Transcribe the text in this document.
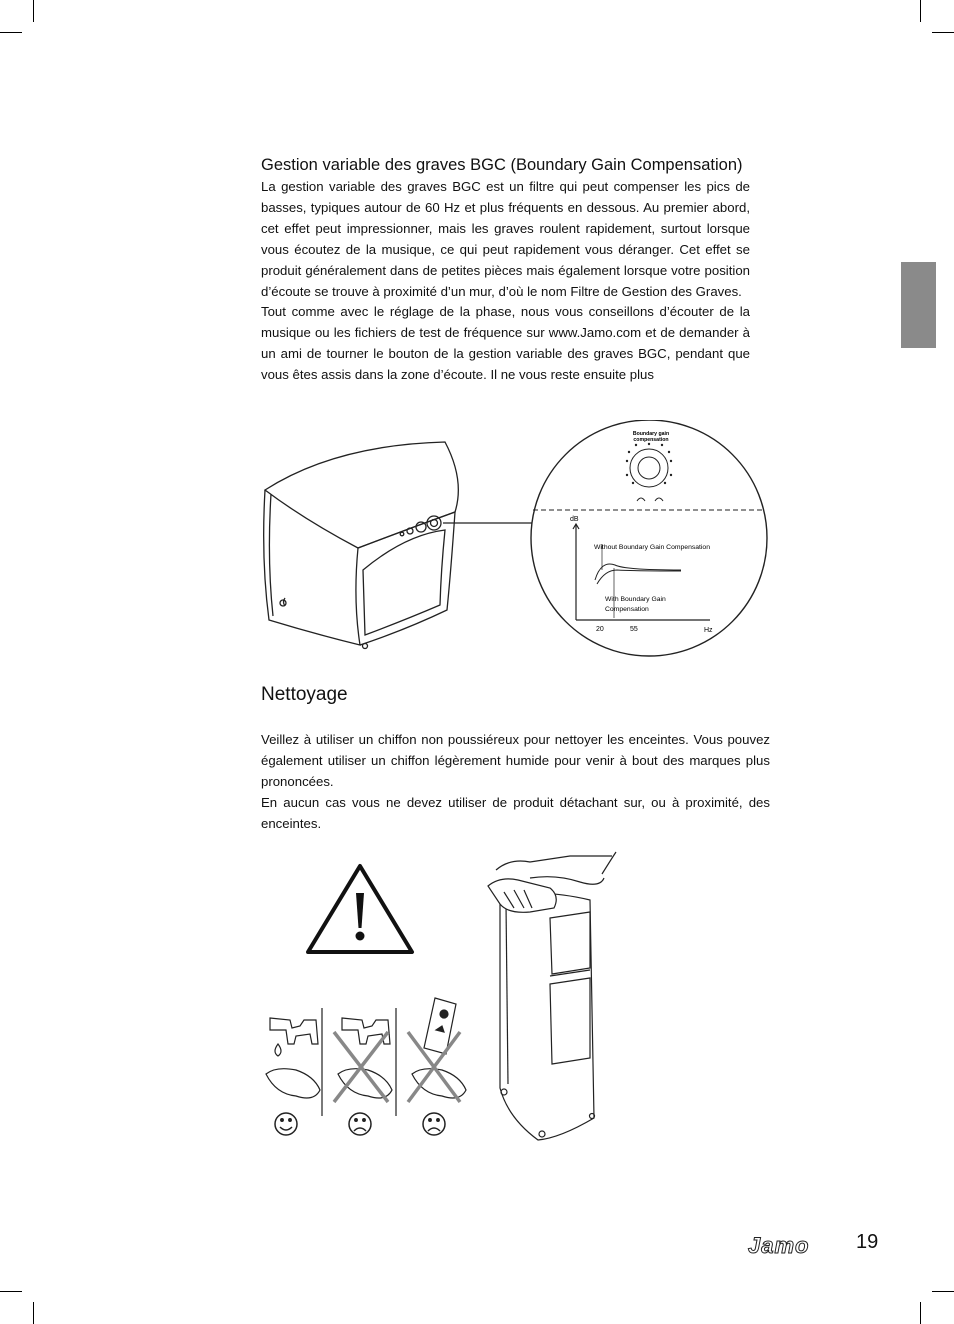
Gestion variable des graves BGC (Boundary Gain Compensation)

La gestion variable des graves BGC est un filtre qui peut compenser les pics de basses, typiques autour de 60 Hz et plus fréquents en dessous. Au premier abord, cet effet peut impressionner, mais les graves roulent rapidement, surtout lorsque vous écoutez de la musique, ce qui peut rapidement vous déranger. Cet effet se produit généralement dans de petites pièces mais également lorsque votre position d’écoute se trouve à proximité d’un mur, d’où le nom Filtre de Gestion des Graves.

Tout comme avec le réglage de la phase, nous vous conseillons d’écouter de la musique ou les fichiers de test de fréquence sur www.Jamo.com et de demander à un ami de tourner le bouton de la gestion variable des graves BGC, pendant que vous êtes assis dans la zone d’écoute. Il ne vous reste ensuite plus

Boundary gain
compensation
dB
Hz
20	55
Without Boundary Gain Compensation
With Boundary Gain
Compensation
Nettoyage

Veillez à utiliser un chiffon non poussiéreux pour nettoyer les enceintes. Vous pouvez également utiliser un chiffon légèrement humide pour venir à bout des marques plus prononcées.

En aucun cas vous ne devez utiliser de produit détachant sur, ou à proximité, des enceintes.

Jamo 19
